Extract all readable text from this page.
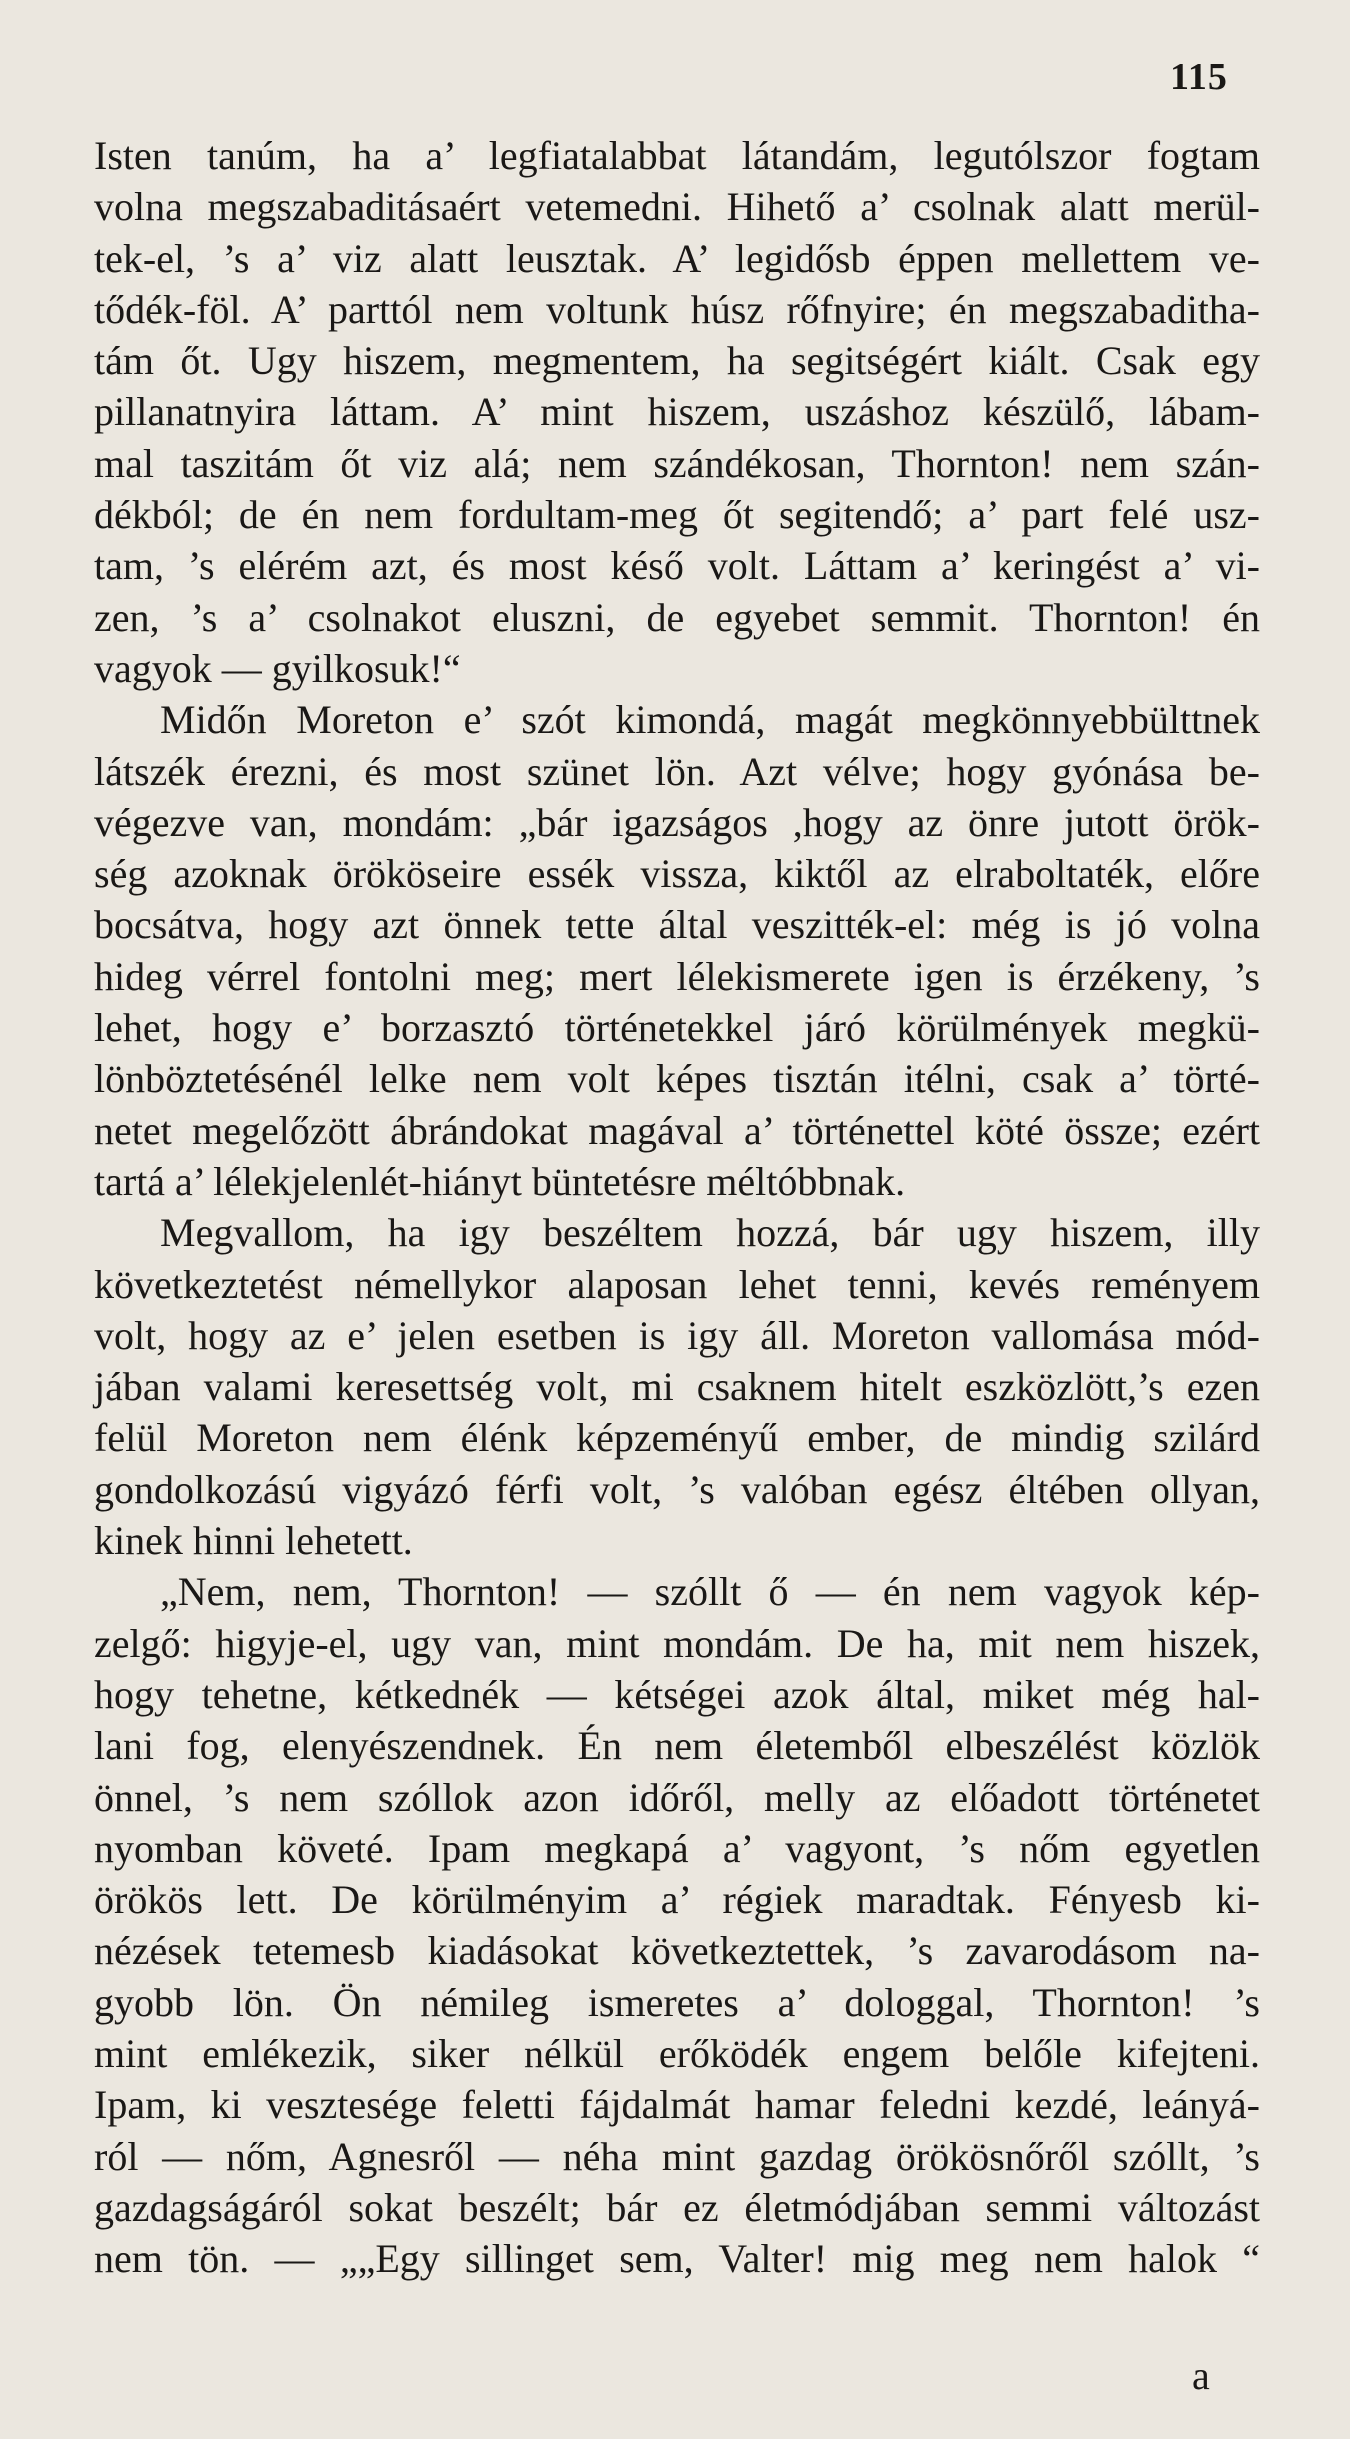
115
Isten tanúm, ha a’ legfiatalabbat látandám, legutólszor fogtam
volna megszabaditásaért vetemedni. Hihető a’ csolnak alatt merül-
tek-el, ’s a’ viz alatt leusztak. A’ legidősb éppen mellettem ve-
tődék-föl. A’ parttól nem voltunk húsz rőfnyire; én megszabaditha-
tám őt. Ugy hiszem, megmentem, ha segitségért kiált. Csak egy
pillanatnyira láttam. A’ mint hiszem, uszáshoz készülő, lábam-
mal taszitám őt viz alá; nem szándékosan, Thornton! nem szán-
dékból; de én nem fordultam-meg őt segitendő; a’ part felé usz-
tam, ’s elérém azt, és most késő volt. Láttam a’ keringést a’ vi-
zen, ’s a’ csolnakot eluszni, de egyebet semmit. Thornton! én
vagyok — gyilkosuk!“
Midőn Moreton e’ szót kimondá, magát megkönnyebbülttnek
látszék érezni, és most szünet lön. Azt vélve; hogy gyónása be-
végezve van, mondám: „bár igazságos ,hogy az önre jutott örök-
ség azoknak örököseire essék vissza, kiktől az elraboltaték, előre
bocsátva, hogy azt önnek tette által veszitték-el: még is jó volna
hideg vérrel fontolni meg; mert lélekismerete igen is érzékeny, ’s
lehet, hogy e’ borzasztó történetekkel járó körülmények megkü-
lönböztetésénél lelke nem volt képes tisztán itélni, csak a’ törté-
netet megelőzött ábrándokat magával a’ történettel köté össze; ezért
tartá a’ lélekjelenlét-hiányt büntetésre méltóbbnak.
Megvallom, ha igy beszéltem hozzá, bár ugy hiszem, illy
következtetést némellykor alaposan lehet tenni, kevés reményem
volt, hogy az e’ jelen esetben is igy áll. Moreton vallomása mód-
jában valami keresettség volt, mi csaknem hitelt eszközlött,’s ezen
felül Moreton nem élénk képzeményű ember, de mindig szilárd
gondolkozású vigyázó férfi volt, ’s valóban egész éltében ollyan,
kinek hinni lehetett.
„Nem, nem, Thornton! — szóllt ő — én nem vagyok kép-
zelgő: higyje-el, ugy van, mint mondám. De ha, mit nem hiszek,
hogy tehetne, kétkednék — kétségei azok által, miket még hal-
lani fog, elenyészendnek. Én nem életemből elbeszélést közlök
önnel, ’s nem szóllok azon időről, melly az előadott történetet
nyomban követé. Ipam megkapá a’ vagyont, ’s nőm egyetlen
örökös lett. De körülményim a’ régiek maradtak. Fényesb ki-
nézések tetemesb kiadásokat következtettek, ’s zavarodásom na-
gyobb lön. Ön némileg ismeretes a’ dologgal, Thornton! ’s
mint emlékezik, siker nélkül erőködék engem belőle kifejteni.
Ipam, ki vesztesége feletti fájdalmát hamar feledni kezdé, leányá-
ról — nőm, Agnesről — néha mint gazdag örökösnőről szóllt, ’s
gazdagságáról sokat beszélt; bár ez életmódjában semmi változást
nem tön. — „„Egy sillinget sem, Valter! mig meg nem halok “
a
